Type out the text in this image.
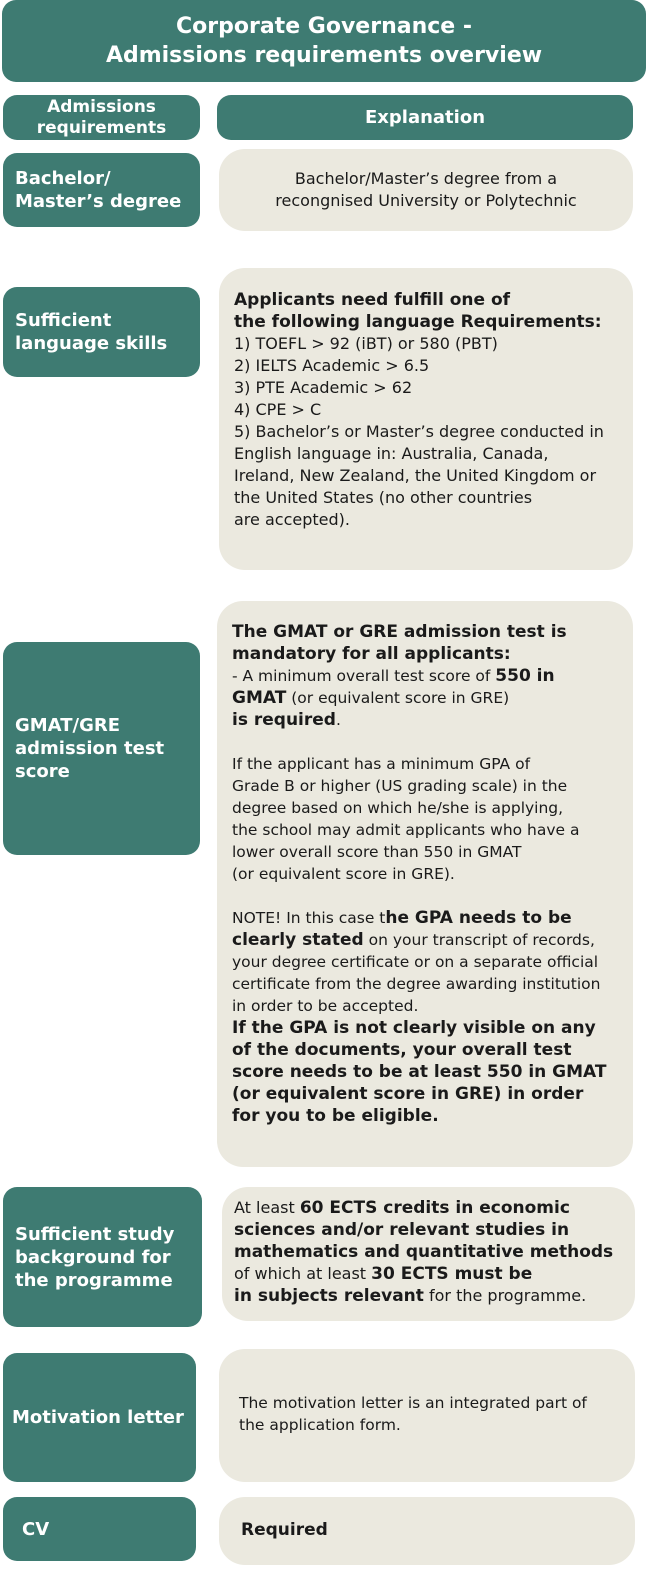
Corporate Governance -
Admissions requirements overview
Admissions
requirements	Explanation
Bachelor/
Master’s degree
Bachelor/Master’s degree from a
recongnised University or Polytechnic
Sufficient
language skills

Applicants need fulfill one of

the following language Requirements:

1) TOEFL > 92 (iBT) or 580 (PBT)

2) IELTS Academic > 6.5

3) PTE Academic > 62

4) CPE > C

5) Bachelor’s or Master’s degree conducted in

English language in: Australia, Canada,

Ireland, New Zealand, the United Kingdom or

the United States (no other countries

are accepted).

GMAT/GRE
admission test
score

The GMAT or GRE admission test is

mandatory for all applicants:

- A minimum overall test score of 550 in

GMAT (or equivalent score in GRE)

is required.

If the applicant has a minimum GPA of

Grade B or higher (US grading scale) in the

degree based on which he/she is applying,

the school may admit applicants who have a

lower overall score than 550 in GMAT

(or equivalent score in GRE).

NOTE! In this case the GPA needs to be

clearly stated on your transcript of records,

your degree certificate or on a separate official

certificate from the degree awarding institution

in order to be accepted.

If the GPA is not clearly visible on any

of the documents, your overall test

score needs to be at least 550 in GMAT

(or equivalent score in GRE) in order

for you to be eligible.

Sufficient study
background for
the programme

At least 60 ECTS credits in economic

sciences and/or relevant studies in

mathematics and quantitative methods

of which at least 30 ECTS must be

in subjects relevant for the programme.

Motivation letter

The motivation letter is an integrated part of

the application form.

CV	Required
